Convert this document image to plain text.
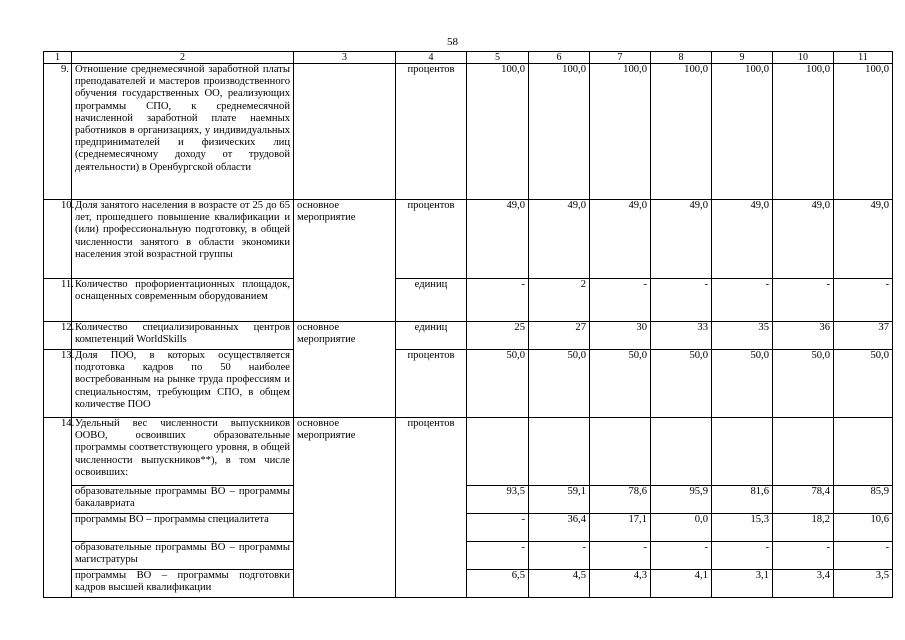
58
1	2	3	4	5	6	7	8	9	10	11
9.	Отношение среднемесячной заработной платы преподавателей и мастеров производственного обучения государственных ОО, реализующих программы СПО, к среднемесячной начисленной заработной плате наемных работников в организациях, у индивидуальных предпринимателей и физических лиц (среднемесячному доходу от трудовой деятельности) в Оренбургской области		процентов	100,0	100,0	100,0	100,0	100,0	100,0	100,0
10.	Доля занятого населения в возрасте от 25 до 65 лет, прошедшего повышение квалификации и (или) профессиональную подготовку, в общей численности занятого в области экономики населения этой возрастной группы	основное мероприятие	процентов	49,0	49,0	49,0	49,0	49,0	49,0	49,0
11.	Количество профориентационных площадок, оснащенных современным оборудованием		единиц	-	2	-	-	-	-	-
12.	Количество специализированных центров компетенций WorldSkills	основное мероприятие	единиц	25	27	30	33	35	36	37
13.	Доля ПОО, в которых осуществляется подготовка кадров по 50 наиболее востребованным на рынке труда профессиям и специальностям, требующим СПО, в общем количестве ПОО		процентов	50,0	50,0	50,0	50,0	50,0	50,0	50,0
14.	Удельный вес численности выпускников ООВО, освоивших образовательные программы соответствующего уровня, в общей численности выпускников**), в том числе освоивших:	основное мероприятие	процентов							
	образовательные программы ВО – программы бакалавриата			93,5	59,1	78,6	95,9	81,6	78,4	85,9
	программы ВО – программы специалитета			-	36,4	17,1	0,0	15,3	18,2	10,6
	образовательные программы ВО – программы магистратуры			-	-	-	-	-	-	-
	программы ВО – программы подготовки кадров высшей квалификации			6,5	4,5	4,3	4,1	3,1	3,4	3,5
